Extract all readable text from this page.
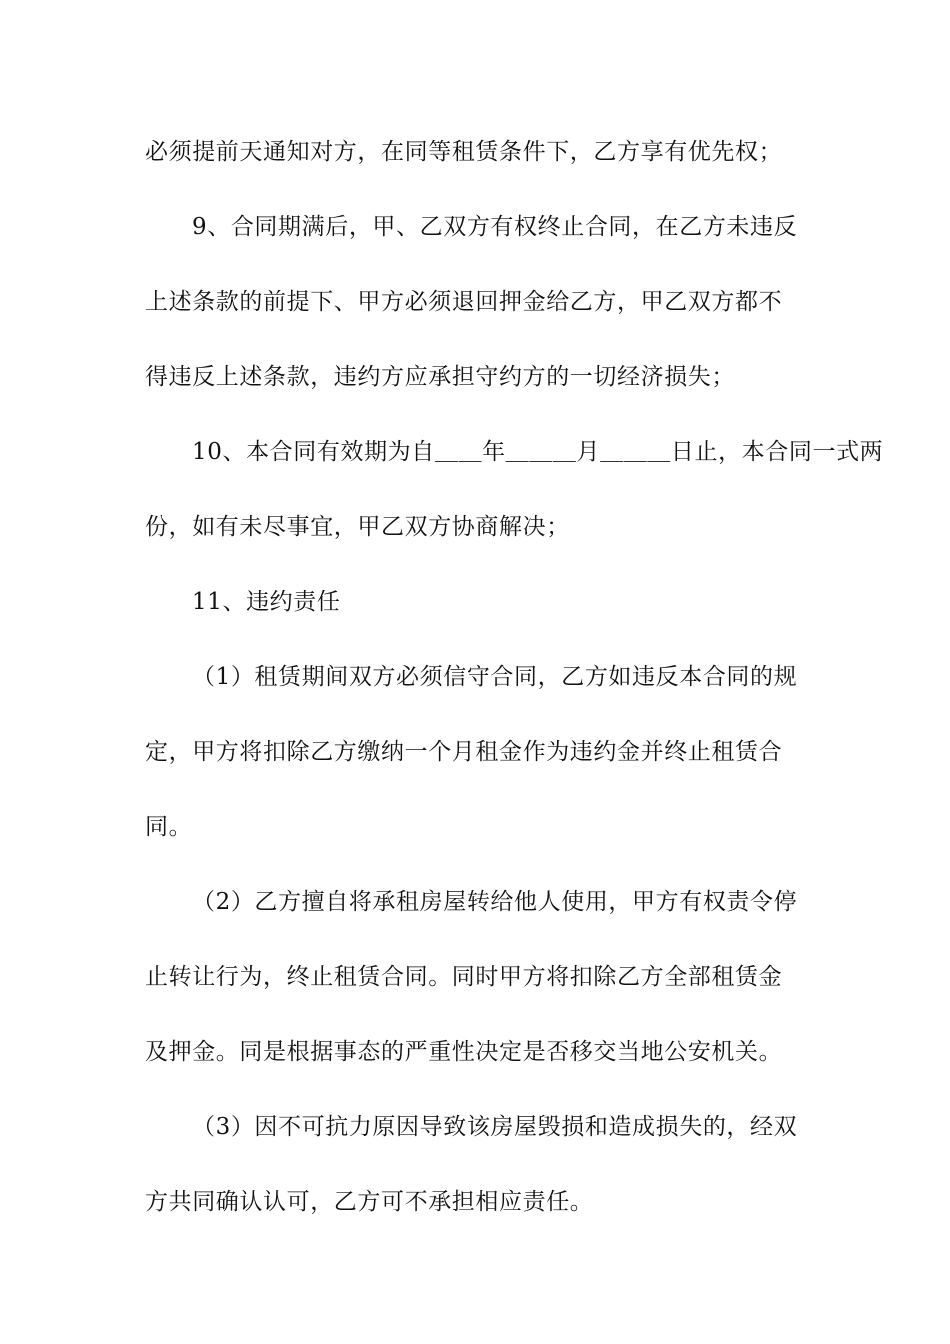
必须提前天通知对方，在同等租赁条件下，乙方享有优先权；
9、合同期满后，甲、乙双方有权终止合同，在乙方未违反
上述条款的前提下、甲方必须退回押金给乙方，甲乙双方都不
得违反上述条款，违约方应承担守约方的一切经济损失；
10、本合同有效期为自＿＿年＿＿＿月＿＿＿日止，本合同一式两
份，如有未尽事宜，甲乙双方协商解决；
11、违约责任
（1）租赁期间双方必须信守合同，乙方如违反本合同的规
定，甲方将扣除乙方缴纳一个月租金作为违约金并终止租赁合
同。
（2）乙方擅自将承租房屋转给他人使用，甲方有权责令停
止转让行为，终止租赁合同。同时甲方将扣除乙方全部租赁金
及押金。同是根据事态的严重性决定是否移交当地公安机关。
（3）因不可抗力原因导致该房屋毁损和造成损失的，经双
方共同确认认可，乙方可不承担相应责任。
